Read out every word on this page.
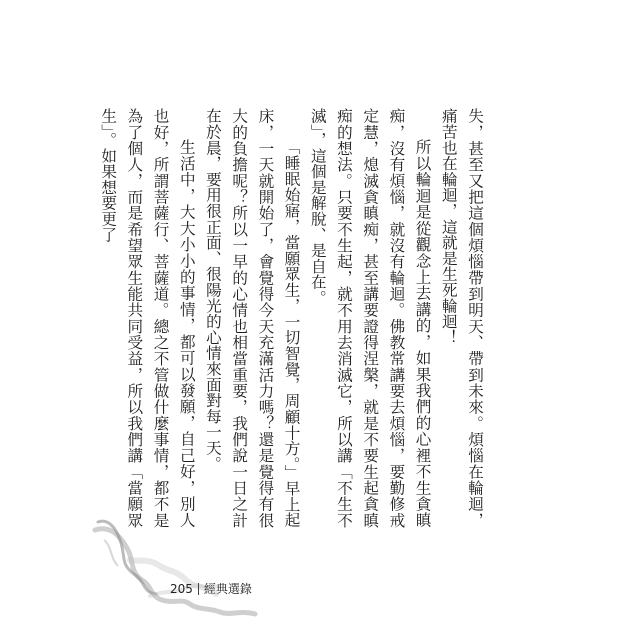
失，甚至又把這個煩惱帶到明天、帶到未來。煩惱在輪迴，痛苦也在輪迴，這就是生死輪迴！
所以輪迴是從觀念上去講的，如果我們的心裡不生貪瞋痴，沒有煩惱，就沒有輪迴。佛教常講要去煩惱，要勤修戒定慧，熄滅貪瞋痴，甚至講要證得涅槃，就是不要生起貪瞋痴的想法。只要不生起，就不用去消滅它，所以講「不生不滅」，這個是解脫、是自在。
「睡眠始寤，當願眾生，一切智覺，周顧十方。」早上起床，一天就開始了，會覺得今天充滿活力嗎？還是覺得有很大的負擔呢？所以一早的心情也相當重要，我們說一日之計在於晨，要用很正面、很陽光的心情來面對每一天。
生活中，大大小小的事情，都可以發願，自己好，別人也好，所謂菩薩行、菩薩道。總之不管做什麼事情，都不是為了個人，而是希望眾生能共同受益，所以我們講「當願眾生」。如果想要更了
205 經典選錄
